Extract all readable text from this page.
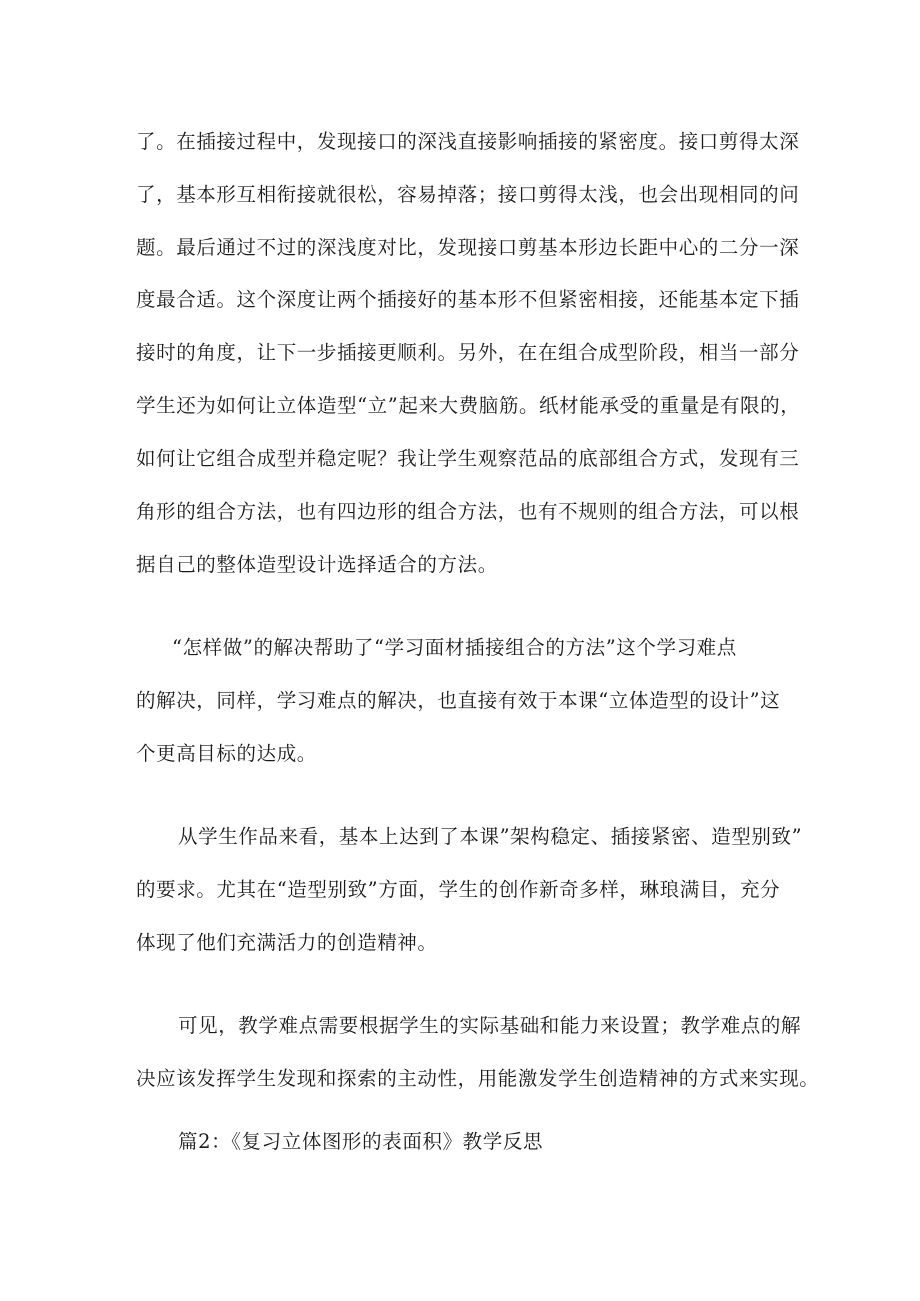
了。在插接过程中，发现接口的深浅直接影响插接的紧密度。接口剪得太深
了，基本形互相衔接就很松，容易掉落；接口剪得太浅，也会出现相同的问
题。最后通过不过的深浅度对比，发现接口剪基本形边长距中心的二分一深
度最合适。这个深度让两个插接好的基本形不但紧密相接，还能基本定下插
接时的角度，让下一步插接更顺利。另外，在在组合成型阶段，相当一部分
学生还为如何让立体造型“立”起来大费脑筋。纸材能承受的重量是有限的，
如何让它组合成型并稳定呢？我让学生观察范品的底部组合方式，发现有三
角形的组合方法，也有四边形的组合方法，也有不规则的组合方法，可以根
据自己的整体造型设计选择适合的方法。
“怎样做”的解决帮助了“学习面材插接组合的方法”这个学习难点
的解决，同样，学习难点的解决，也直接有效于本课“立体造型的设计”这
个更高目标的达成。
从学生作品来看，基本上达到了本课”架构稳定、插接紧密、造型别致”
的要求。尤其在“造型别致”方面，学生的创作新奇多样，琳琅满目，充分
体现了他们充满活力的创造精神。
可见，教学难点需要根据学生的实际基础和能力来设置；教学难点的解
决应该发挥学生发现和探索的主动性，用能激发学生创造精神的方式来实现。
篇2：《复习立体图形的表面积》教学反思
